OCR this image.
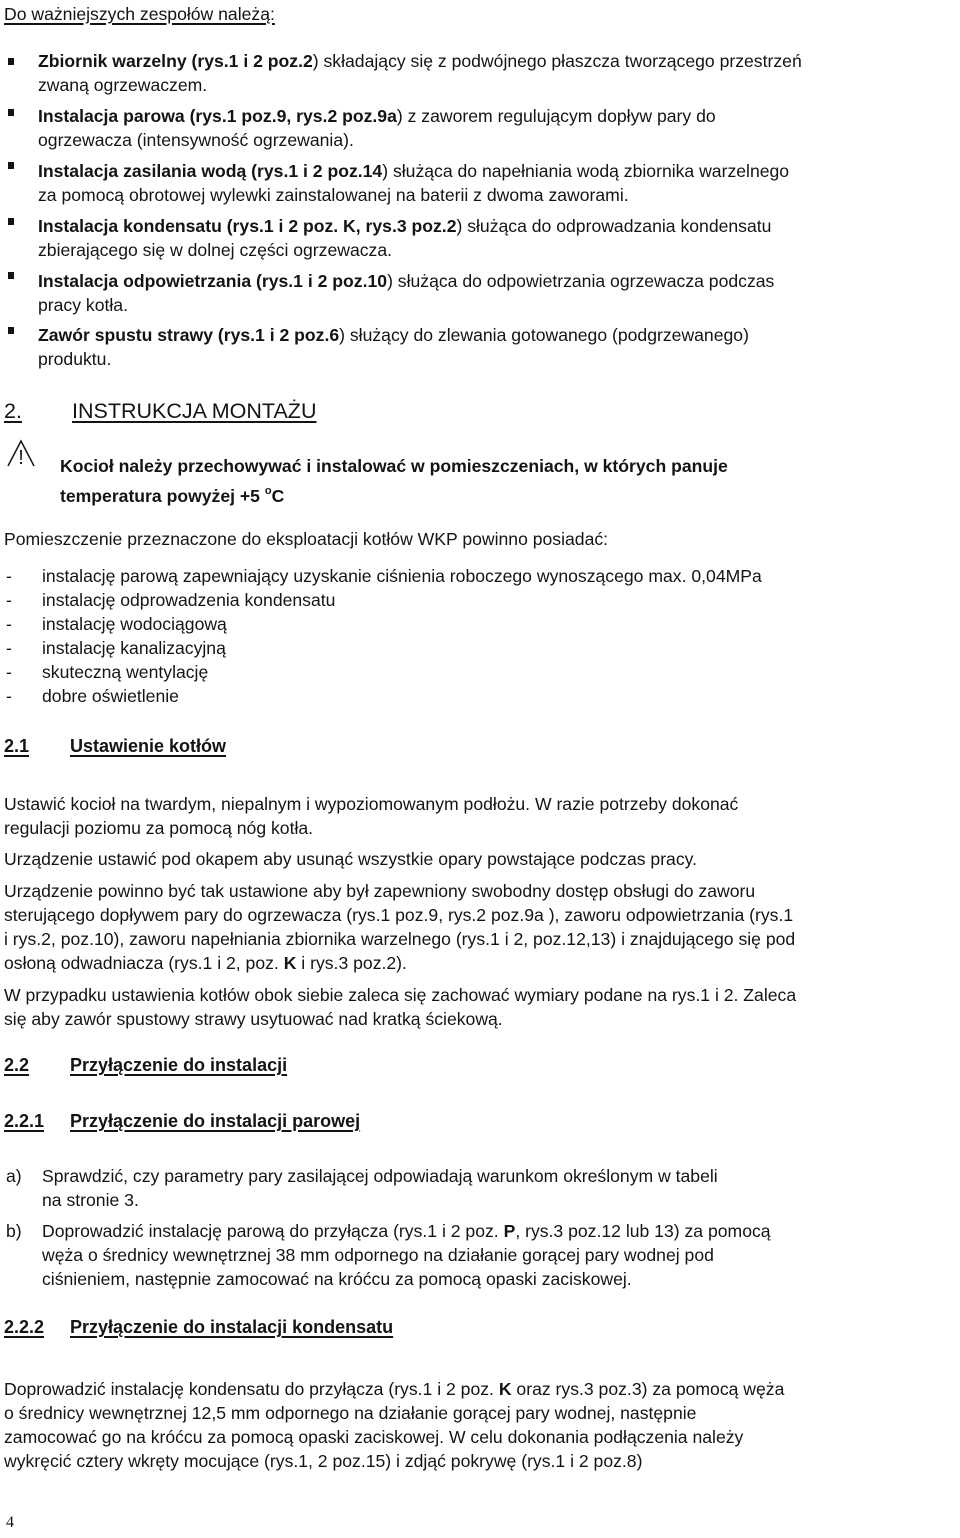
Do ważniejszych zespołów należą:
Zbiornik warzelny (rys.1 i 2 poz.2) składający się z podwójnego płaszcza tworzącego przestrzeń
zwaną ogrzewaczem.
Instalacja parowa (rys.1 poz.9, rys.2 poz.9a) z zaworem regulującym dopływ pary do
ogrzewacza (intensywność ogrzewania).
Instalacja zasilania wodą (rys.1 i 2 poz.14) służąca do napełniania wodą zbiornika warzelnego
za pomocą obrotowej wylewki zainstalowanej na baterii z dwoma zaworami.
Instalacja kondensatu (rys.1 i 2 poz. K, rys.3 poz.2) służąca do odprowadzania kondensatu
zbierającego się w dolnej części ogrzewacza.
Instalacja odpowietrzania (rys.1 i 2 poz.10) służąca do odpowietrzania ogrzewacza podczas
pracy kotła.
Zawór spustu strawy (rys.1 i 2 poz.6) służący do zlewania gotowanego (podgrzewanego)
produktu.
2. INSTRUKCJA MONTAŻU
! Kocioł należy przechowywać i instalować w pomieszczeniach, w których panuje
temperatura powyżej +5 $^o$C
Pomieszczenie przeznaczone do eksploatacji kotłów WKP powinno posiadać:
- instalację parową zapewniający uzyskanie ciśnienia roboczego wynoszącego max. 0,04MPa
- instalację odprowadzenia kondensatu
- instalację wodociągową
- instalację kanalizacyjną
- skuteczną wentylację
- dobre oświetlenie
2.1 Ustawienie kotłów
Ustawić kocioł na twardym, niepalnym i wypoziomowanym podłożu. W razie potrzeby dokonać
regulacji poziomu za pomocą nóg kotła.
Urządzenie ustawić pod okapem aby usunąć wszystkie opary powstające podczas pracy.
Urządzenie powinno być tak ustawione aby był zapewniony swobodny dostęp obsługi do zaworu
sterującego dopływem pary do ogrzewacza (rys.1 poz.9, rys.2 poz.9a ), zaworu odpowietrzania (rys.1
i rys.2, poz.10), zaworu napełniania zbiornika warzelnego (rys.1 i 2, poz.12,13) i znajdującego się pod
osłoną odwadniacza (rys.1 i 2, poz. K i rys.3 poz.2).
W przypadku ustawienia kotłów obok siebie zaleca się zachować wymiary podane na rys.1 i 2. Zaleca
się aby zawór spustowy strawy usytuować nad kratką ściekową.
2.2 Przyłączenie do instalacji
2.2.1 Przyłączenie do instalacji parowej
a) Sprawdzić, czy parametry pary zasilającej odpowiadają warunkom określonym w tabeli
na stronie 3.
b) Doprowadzić instalację parową do przyłącza (rys.1 i 2 poz. P, rys.3 poz.12 lub 13) za pomocą
węża o średnicy wewnętrznej 38 mm odpornego na działanie gorącej pary wodnej pod
ciśnieniem, następnie zamocować na króćcu za pomocą opaski zaciskowej.
2.2.2 Przyłączenie do instalacji kondensatu
Doprowadzić instalację kondensatu do przyłącza (rys.1 i 2 poz. K oraz rys.3 poz.3) za pomocą węża
o średnicy wewnętrznej 12,5 mm odpornego na działanie gorącej pary wodnej, następnie
zamocować go na króćcu za pomocą opaski zaciskowej. W celu dokonania podłączenia należy
wykręcić cztery wkręty mocujące (rys.1, 2 poz.15) i zdjąć pokrywę (rys.1 i 2 poz.8)
4
